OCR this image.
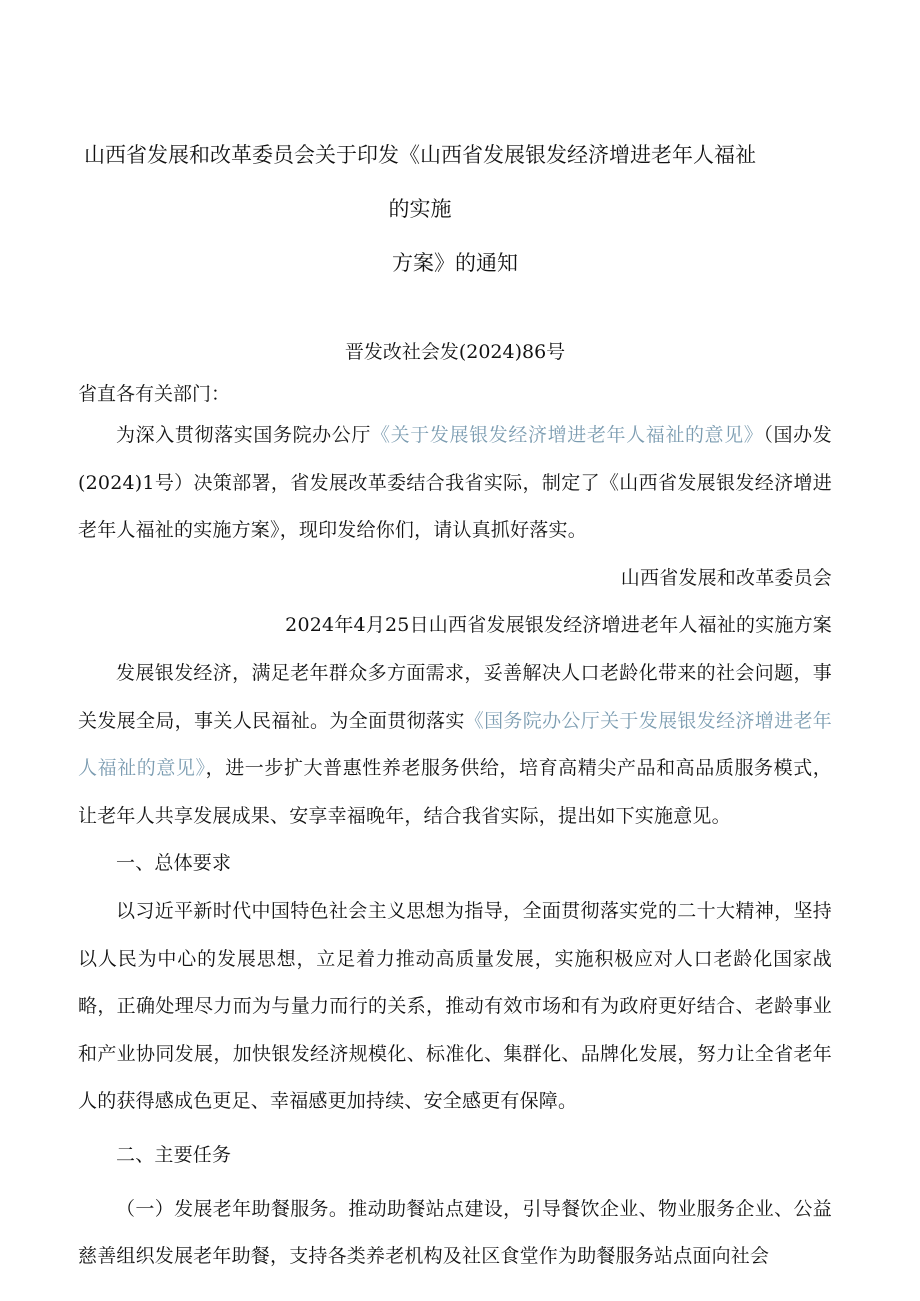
山西省发展和改革委员会关于印发《山西省发展银发经济增进老年人福祉的实施
方案》的通知
晋发改社会发(2024)86号
省直各有关部门：

为深入贯彻落实国务院办公厅《关于发展银发经济增进老年人福祉的意见》（国办发(2024)1号）决策部署，省发展改革委结合我省实际，制定了《山西省发展银发经济增进老年人福祉的实施方案》，现印发给你们，请认真抓好落实。

山西省发展和改革委员会

2024年4月25日山西省发展银发经济增进老年人福祉的实施方案

发展银发经济，满足老年群众多方面需求，妥善解决人口老龄化带来的社会问题，事关发展全局，事关人民福祉。为全面贯彻落实《国务院办公厅关于发展银发经济增进老年人福祉的意见》，进一步扩大普惠性养老服务供给，培育高精尖产品和高品质服务模式，让老年人共享发展成果、安享幸福晚年，结合我省实际，提出如下实施意见。

一、总体要求

以习近平新时代中国特色社会主义思想为指导，全面贯彻落实党的二十大精神，坚持以人民为中心的发展思想，立足着力推动高质量发展，实施积极应对人口老龄化国家战略，正确处理尽力而为与量力而行的关系，推动有效市场和有为政府更好结合、老龄事业和产业协同发展，加快银发经济规模化、标准化、集群化、品牌化发展，努力让全省老年人的获得感成色更足、幸福感更加持续、安全感更有保障。

二、主要任务

（一）发展老年助餐服务。推动助餐站点建设，引导餐饮企业、物业服务企业、公益慈善组织发展老年助餐，支持各类养老机构及社区食堂作为助餐服务站点面向社会
